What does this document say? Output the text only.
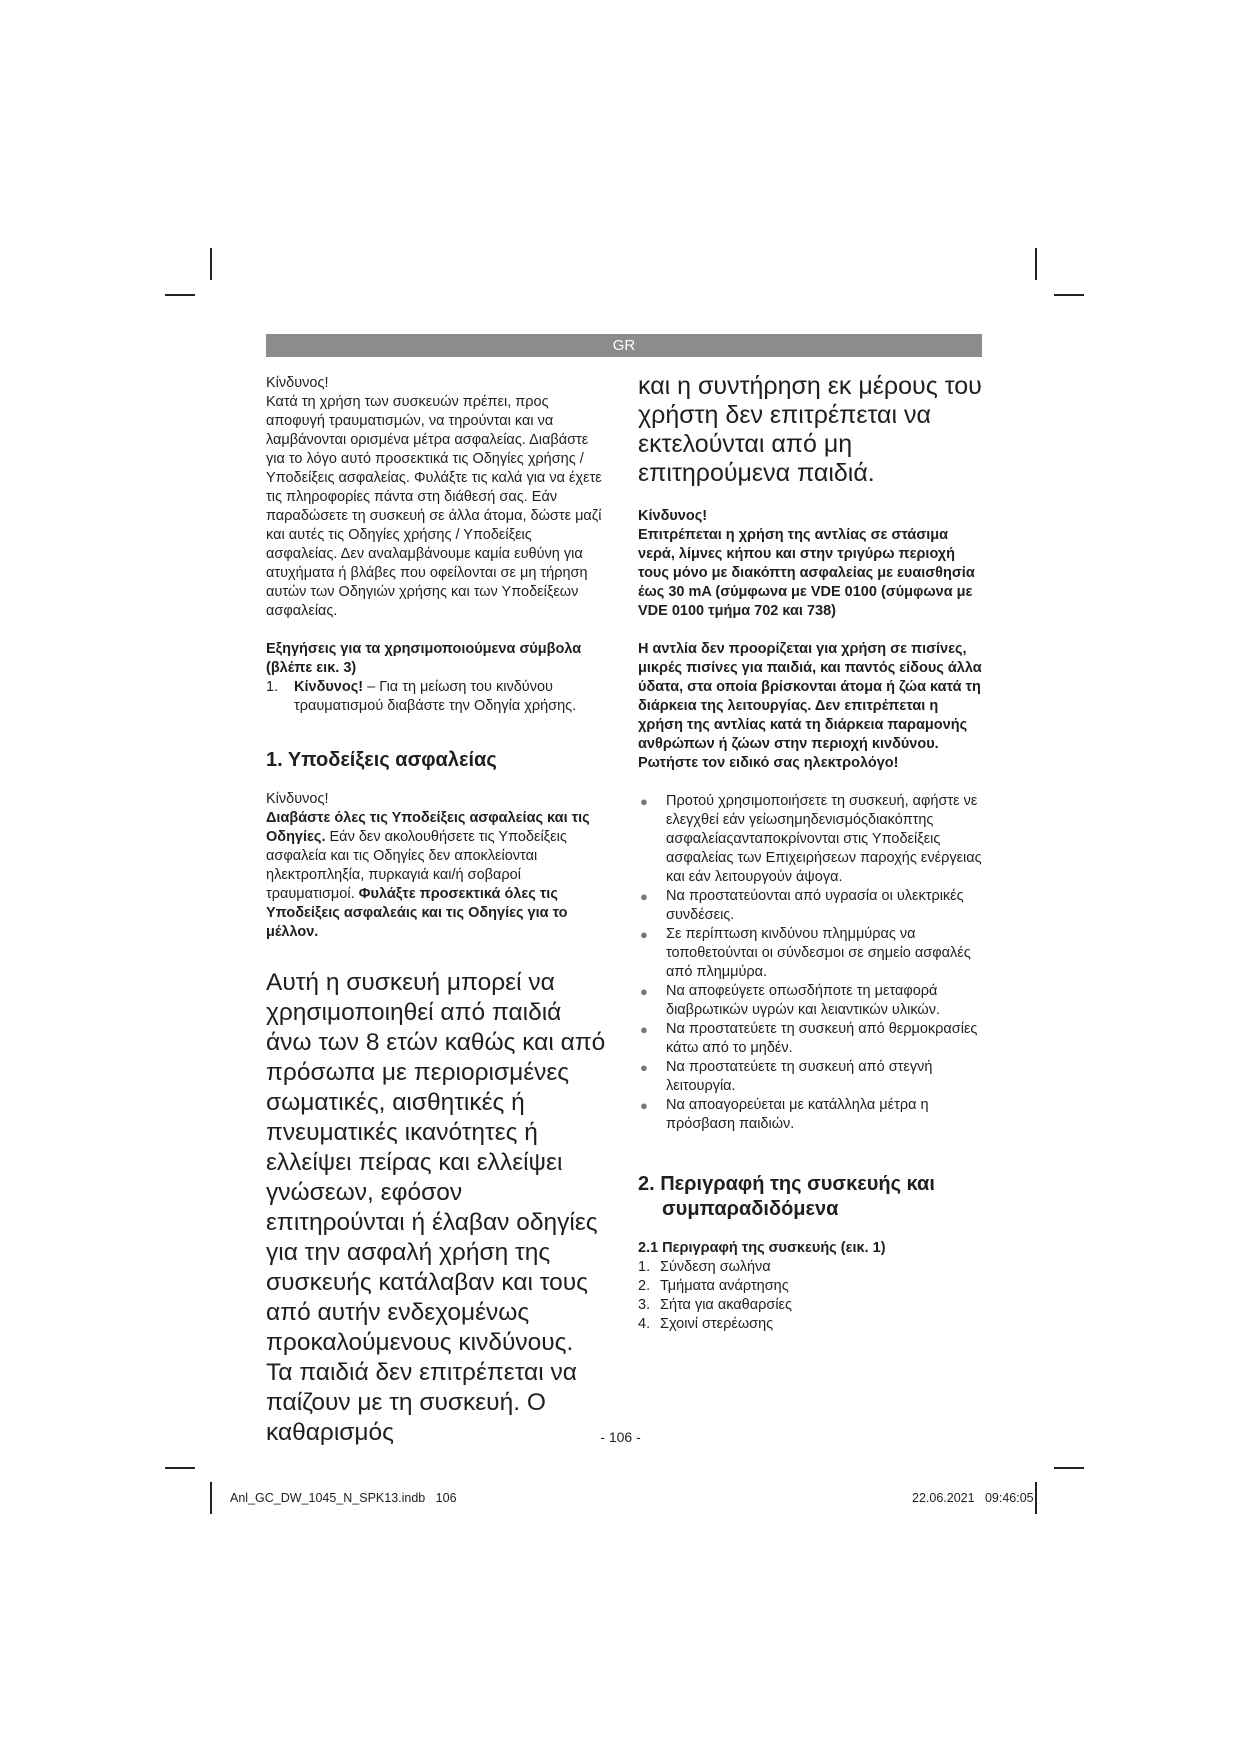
GR

Κίνδυνος!

Κατά τη χρήση των συσκευών πρέπει, προς αποφυγή τραυματισμών, να τηρούνται και να λαμβάνονται ορισμένα μέτρα ασφαλείας. Διαβάστε για το λόγο αυτό προσεκτικά τις Οδηγίες χρήσης / Υποδείξεις ασφαλείας. Φυλάξτε τις καλά για να έχετε τις πληροφορίες πάντα στη διάθεσή σας. Εάν παραδώσετε τη συσκευή σε άλλα άτομα, δώστε μαζί και αυτές τις Οδηγίες χρήσης / Υποδείξεις ασφαλείας. Δεν αναλαμβάνουμε καμία ευθύνη για ατυχήματα ή βλάβες που οφείλονται σε μη τήρηση αυτών των Οδηγιών χρήσης και των Υποδείξεων ασφαλείας.

Εξηγήσεις για τα χρησιμοποιούμενα σύμβολα (βλέπε εικ. 3)

1.	Κίνδυνος! – Για τη μείωση του κινδύνου τραυματισμού διαβάστε την Οδηγία χρήσης.

1. Υποδείξεις ασφαλείας

Κίνδυνος!

Διαβάστε όλες τις Υποδείξεις ασφαλείας και τις Οδηγίες. Εάν δεν ακολουθήσετε τις Υποδείξεις ασφαλεία και τις Οδηγίες δεν αποκλείονται ηλεκτροπληξία, πυρκαγιά και/ή σοβαροί τραυματισμοί. Φυλάξτε προσεκτικά όλες τις Υποδείξεις ασφαλεάις και τις Οδηγίες για το μέλλον.

Αυτή η συσκευή μπορεί να χρησιμοποιηθεί από παιδιά άνω των 8 ετών καθώς και από πρόσωπα με περιορισμένες σωματικές, αισθητικές ή πνευματικές ικανότητες ή ελλείψει πείρας και ελλείψει γνώσεων, εφόσον επιτηρούνται ή έλαβαν οδηγίες για την ασφαλή χρήση της συσκευής κατάλαβαν και τους από αυτήν ενδεχομένως προκαλούμενους κινδύνους. Τα παιδιά δεν επιτρέπεται να παίζουν με τη συσκευή. Ο καθαρισμός

και η συντήρηση εκ μέρους του χρήστη δεν επιτρέπεται να εκτελούνται από μη επιτηρούμενα παιδιά.

Κίνδυνος!

Επιτρέπεται η χρήση της αντλίας σε στάσιμα νερά, λίμνες κήπου και στην τριγύρω περιοχή τους μόνο με διακόπτη ασφαλείας με ευαισθησία έως 30 mA (σύμφωνα με VDE 0100 (σύμφωνα με VDE 0100 τμήμα 702 και 738)

Η αντλία δεν προορίζεται για χρήση σε πισίνες, μικρές πισίνες για παιδιά, και παντός είδους άλλα ύδατα, στα οποία βρίσκονται άτομα ή ζώα κατά τη διάρκεια της λειτουργίας. Δεν επιτρέπεται η χρήση της αντλίας κατά τη διάρκεια παραμονής ανθρώπων ή ζώων στην περιοχή κινδύνου. Ρωτήστε τον ειδικό σας ηλεκτρολόγο!

● Προτού χρησιμοποιήσετε τη συσκευή, αφήστε νε ελεγχθεί εάν γείωσημηδενισμόςδιακόπτης ασφαλείαςανταποκρίνονται στις Υποδείξεις ασφαλείας των Επιχειρήσεων παροχής ενέργειας και εάν λειτουργούν άψογα.
● Να προστατεύονται από υγρασία οι υλεκτρικές συνδέσεις.
● Σε περίπτωση κινδύνου πλημμύρας να τοποθετούνται οι σύνδεσμοι σε σημείο ασφαλές από πλημμύρα.
● Να αποφεύγετε οπωσδήποτε τη μεταφορά διαβρωτικών υγρών και λειαντικών υλικών.
● Να προστατεύετε τη συσκευή από θερμοκρασίες κάτω από το μηδέν.
● Να προστατεύετε τη συσκευή από στεγνή λειτουργία.
● Να αποαγορεύεται με κατάλληλα μέτρα η πρόσβαση παιδιών.

2. Περιγραφή της συσκευής και συμπαραδιδόμενα

2.1 Περιγραφή της συσκευής (εικ. 1)

1. Σύνδεση σωλήνα
2. Τμήματα ανάρτησης
3. Σήτα για ακαθαρσίες
4. Σχοινί στερέωσης
- 106 -
Anl_GC_DW_1045_N_SPK13.indb   106	22.06.2021   09:46:05
